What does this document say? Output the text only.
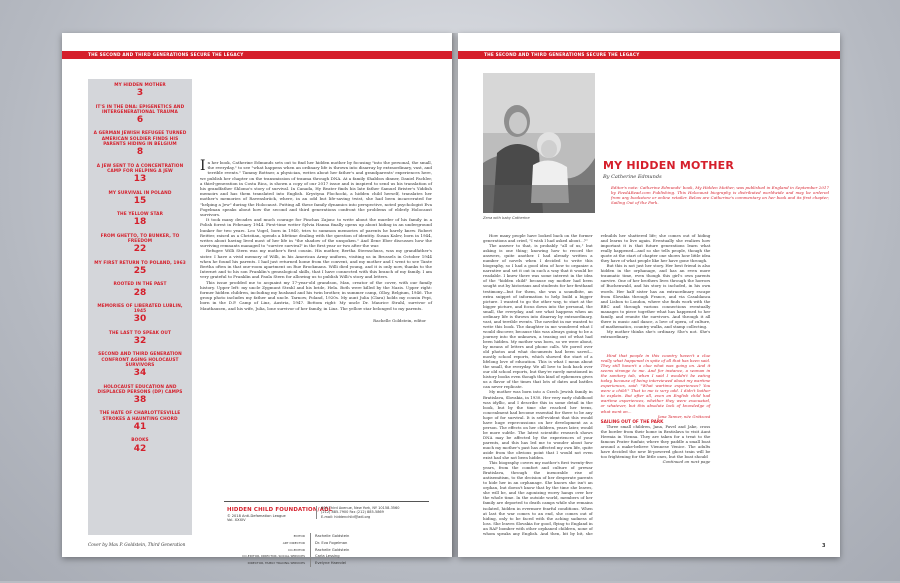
THE SECOND AND THIRD GENERATIONS SECURE THE LEGACY
MY HIDDEN MOTHER
3
IT'S IN THE DNA: EPIGENETICS AND INTERGENERATIONAL TRAUMA
6
A GERMAN JEWISH REFUGEE TURNED AMERICAN SOLDIER FINDS HIS PARENTS HIDING IN BELGIUM
8
A JEW SENT TO A CONCENTRATION CAMP FOR HELPING A JEW
13
MY SURVIVAL IN POLAND
15
THE YELLOW STAR
18
FROM GHETTO, TO BUNKER, TO FREEDOM
22
MY FIRST RETURN TO POLAND, 1963
25
ROOTED IN THE PAST
28
MEMORIES OF LIBERATED LUBLIN, 1945
30
THE LAST TO SPEAK OUT
32
SECOND AND THIRD GENERATION CONFRONT AGING HOLOCAUST SURVIVORS
34
HOLOCAUST EDUCATION AND DISPLACED PERSONS (DP) CAMPS
38
THE HATE OF CHARLOTTESVILLE STROKES A HAUNTING CHORD
41
BOOKS
42

In her book, Catherine Edmunds sets out to find her hidden mother by focusing "into the personal, the small, the everyday," to see "what happens when an ordinary life is thrown into disarray by extraordinary, vast, and terrible events." Tammy Bottner, a physician, writes about her father's and grandparents' experiences here, we publish her chapter on the transmission of trauma through DNA. At a family Shabbos dinner, Daniel Fachler, a third-generation in Costa Rica, is shown a copy of our 2017 issue and is inspired to send us his translation of his grandfather Shlomo's story of survival. In Canada, Hy Beater finds his late father Samuel Brister's Yiddish memoirs and has them translated into English. Krystyna Plochocki, a hidden child herself, translates her mother's memories of Ravensbrück, where, in an odd but life-saving twist, she had been incarcerated for "helping a Jew" during the Holocaust. Putting all these family dynamics into perspective, noted psychologist Eva Fogelman speaks about how the second and third generations confront the problems of elderly Holocaust survivors.

It took many decades and much courage for Pinchas Zajonc to write about the murder of his family in a Polish forest in February 1944. First-time writer Sylvia Hanna finally opens up about hiding in an underground bunker for two years. Leo Vogel, born in 1940, tries to summon memories of parents he barely knew. Robert Reitter, raised as a Christian, spends a lifetime dealing with the question of identity. Susan Kalev, born in 1944, writes about having lived most of her life in "the shadow of the unspoken." And Ilene Eber discusses how the surviving remnants managed to "survive survival" in the first year or two after the war.

Refugee Willi Stern was my mother's first cousin. His mother, Bertha Sternschuss, was my grandfather's sister. I have a vivid memory of Willi, in his American Army uniform, visiting us in Brussels in October 1944 when he found his parents. I had just returned home from the convent, and my mother and I went to see Tante Bertha often in that one-room apartment on Rue Brockmans. Willi died young, and it is only now, thanks to the Internet and to his son Franklin's genealogical skills, that I have connected with this branch of my family. I am very grateful to Franklin and Paula Stern for allowing us to publish Willi's story and letters.

This issue prodded me to acquaint my 17-year-old grandson, Max, creator of the cover, with our family history. Upper left: my uncle Zygmunt Strahl and his bride, Hela. Both were killed by the Nazis. Upper right: former hidden children, including my husband and his twin brother, in summer camp, Olloy, Belgium, 1946. The group photo includes my father and uncle. Tarnow, Poland, 1920s. My aunt Julia (Clara) holds my cousin Pepi, born in the D.P. Camp of Linz, Austria, 1947. Bottom right: My uncle Dr. Maurice Strahl, survivor of Mauthausen, and his wife, Julia, lone survivor of her family, in Linz. The yellow star belonged to my parents.

Rachelle Goldstein, editor
HIDDEN CHILD FOUNDATION/ADL
© 2018 Anti-Defamation League
Vol. XXXIV
605 Third Avenue, New York, NY 10158-3560
(212) 885-7900 Fax (212) 885-5869
E-mail: hiddenchild@adl.org
EDITOR	Rachelle Goldstein
ART DIRECTOR	Dr. Eva Fogelman
CO-EDITOR	Rachelle Goldstein
CO-EDITOR, DIRECTOR, SOCIAL SERVICES	Carla Lessing
DIRECTOR, FAMILY TRACING SERVICES	Evelyne Haendel
Cover by Max P. Goldstein, Third Generation
THE SECOND AND THIRD GENERATIONS SECURE THE LEGACY
Zena with baby Catherine
MY HIDDEN MOTHER
By Catherine Edmunds
Editor's note: Catherine Edmunds' book, My Hidden Mother, was published in England in September 2017 by FeedARead.com Publishing. This Holocaust biography is distributed worldwide and may be ordered from any bookstore or online retailer. Below are Catherine's commentary on her book and its first chapter, Sailing Out of the Park.

How many people have looked back on the former generations and cried, "I wish I had asked about...?"

The answer to that, is probably "all of us," but asking is one thing; knowing how to record the answers, quite another. I had already written a number of novels when I decided to write this biography, so I had a good idea of how to organize a narrative and set it out in such a way that it would be readable. I knew there was some interest in the idea of the "hidden child" because my mother had been sought out by historians and students for her firsthand testimony—but for them, she was a soundbite, an extra snippet of information to help build a bigger picture. I wanted to go the other way, to start at the bigger picture, and focus down into the personal, the small, the everyday, and see what happens when an ordinary life is thrown into disarray by extraordinary, vast, and terrible events. The novelist in me wanted to write this book. The daughter in me wondered what I would discover, because this was always going to be a journey into the unknown, a teasing out of what had been hidden. My mother was born, so we were about, by means of letters and phone calls. We pored over old photos and what documents had been saved—mostly school reports, which showed the start of a lifelong love of education. This is what I mean about the small, the everyday. We all love to look back over our old school reports, but they're rarely mentioned in history books even though this kind of ephemera gives us a flavor of the times that lots of dates and battles can never replicate.

My mother was born into a Czech Jewish family in Bratislava, Slovakia, in 1930. Her very early childhood was idyllic, and I describe this in some detail in the book, but by the time she reached her teens, concealment had become essential for there to be any hope of for survival. It is self-evident that this would have huge repercussions on her development as a person. The effects on her children, years later, would be more subtle. The latest scientific research shows DNA may be affected by the experiences of your parents, and this has led me to wonder about how much my mother's past has affected my own life, quite aside from the obvious point that I would not even exist had she not been hidden.

This biography covers my mother's first twenty-five years, from the comfort and culture of prewar Bratislava, through the inexorable rise of antisemitism, to the decision of her desperate parents to hide her in an orphanage. She knows she isn't an orphan, but doesn't know that by the time she leaves, she will be, and the agonizing worry hangs over her the whole time. In the outside world, members of her family are deported to death camps while she remains isolated, hidden in evermore fearful conditions. When at last the war comes to an end, she comes out of hiding, only to be faced with the aching sadness of loss. She leaves Slovakia for good, flying to England in an RAF bomber with other orphaned children, none of whom speaks any English. And then, bit by bit, she rebuilds her shattered life; she comes out of hiding and learns to live again. Eventually she realizes how important it is that future generations learn what really happened—and so she tells people, though the quote at the start of chapter one shows how little idea they have of what people like her have gone through.

But this is not just her story. Her best friend is also hidden in the orphanage, and has an even more traumatic time, even though this girl's own parents survive. One of her brothers lives through the horrors of Buchenwald, and his story is included, in his own words. Her half sister has an extraordinary escape from Slovakia through France, and via Casablanca and Lisbon to London, where she finds work with the BBC and through various connections eventually manages to piece together what has happened to her family, and reunite the survivors. And through it all there is music and dance, a love of opera, of culture, of mathematics, country walks, and stamp collecting.

My mother thinks she's ordinary. She's not. She's extraordinary.

Hind that people in this country haven't a clue really what happened in spite of all that has been said. They still haven't a clue what was going on. And it seems strange to me. And for instance, a woman in the sanitary tab, when I said I wouldn't be eating today, because of being interviewed about my wartime experiences, said: "What wartime experiences? You were a child!" That to me is very odd. I didn't bother to explain. But after all, even an English child had wartime experiences, whether they were evacuated, or whatever, but this absolute lack of knowledge of what went on...

Jana Tanner, née Grätzová

SAILING OUT OF THE PARK

Three small children, Jana, Pavel and Jake, cross the border from their home in Bratislava to visit Aunt Hermia in Vienna. They are taken for a treat to the famous Prater funfair, where they paddle a small boat around a make-believe Viennese Venice. The adults have decided the new lit-powered ghost train will be too frightening for the little ones, but the boat should

Continued on next page

3
